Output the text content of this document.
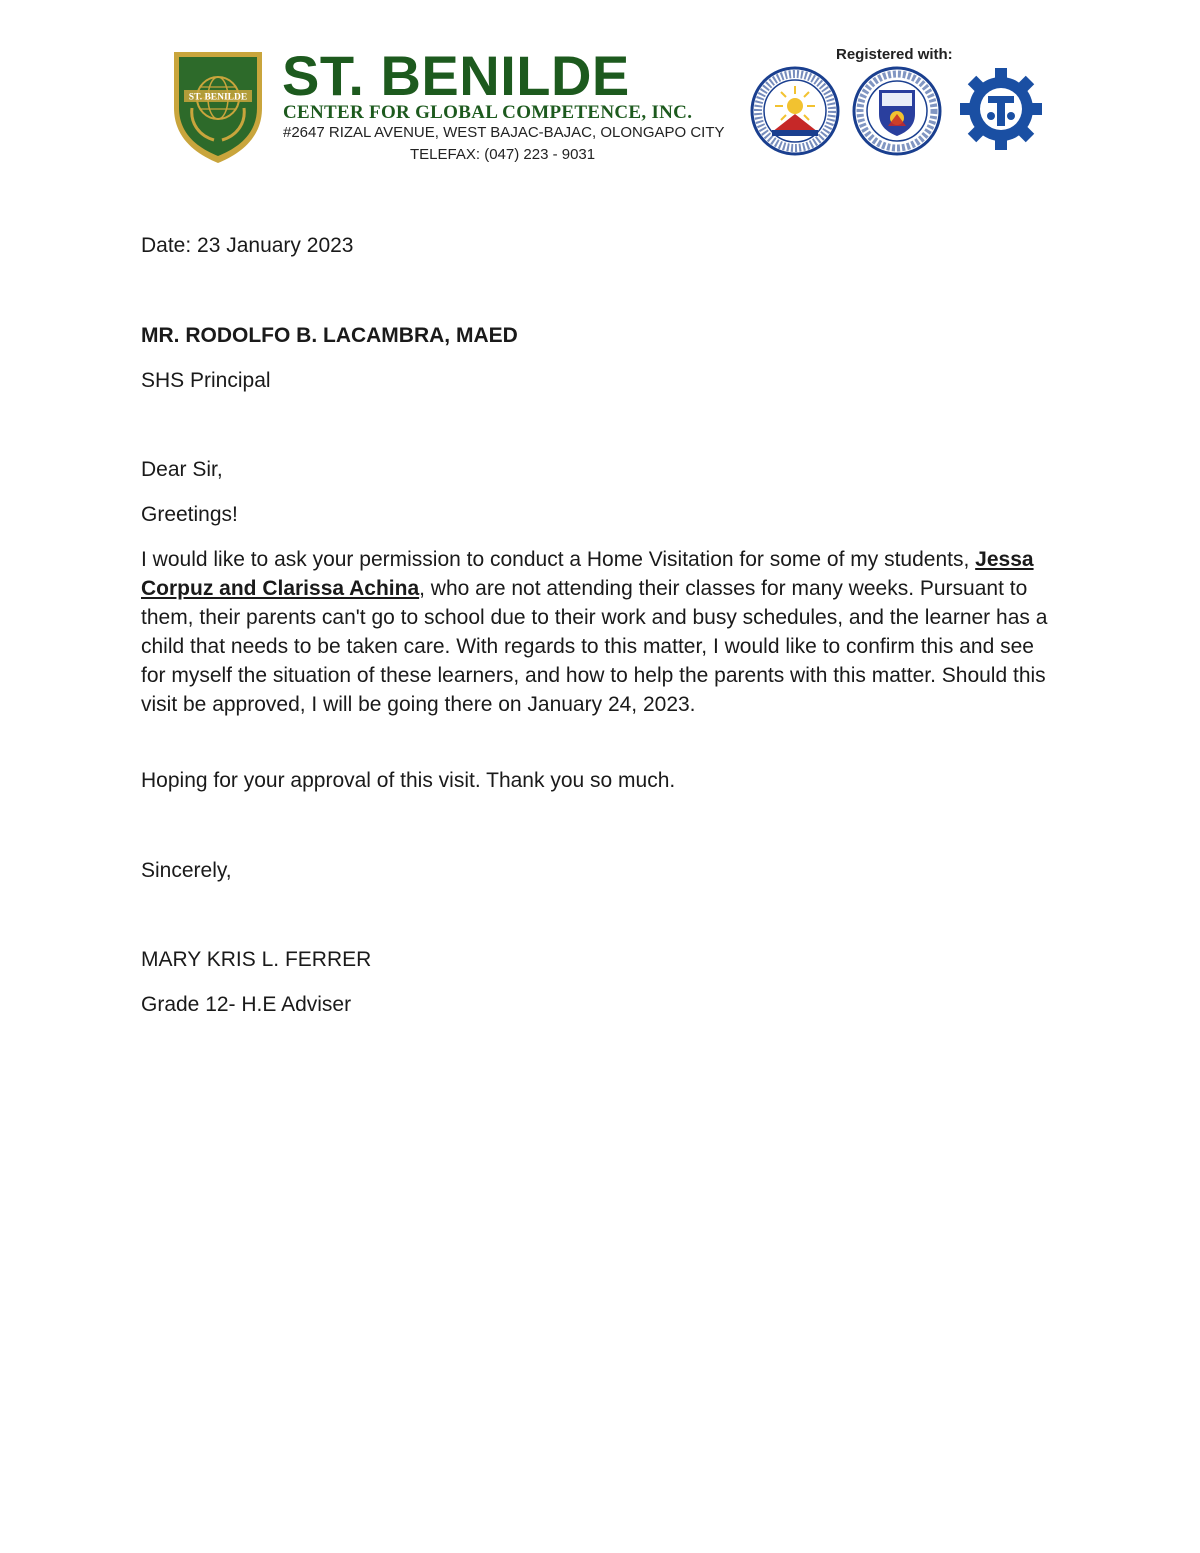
ST. BENILDE ST. BENILDE
CENTER FOR GLOBAL COMPETENCE, INC.
#2647 RIZAL AVENUE, WEST BAJAC-BAJAC, OLONGAPO CITY
TELEFAX: (047) 223 - 9031
Registered with:
Date: 23 January 2023
MR. RODOLFO B. LACAMBRA, MAED
SHS Principal
Dear Sir,
Greetings!
I would like to ask your permission to conduct a Home Visitation for some of my students, Jessa Corpuz and Clarissa Achina, who are not attending their classes for many weeks. Pursuant to them, their parents can't go to school due to their work and busy schedules, and the learner has a child that needs to be taken care. With regards to this matter, I would like to confirm this and see for myself the situation of these learners, and how to help the parents with this matter. Should this visit be approved, I will be going there on January 24, 2023.
Hoping for your approval of this visit. Thank you so much.
Sincerely,
MARY KRIS L. FERRER
Grade 12- H.E Adviser
